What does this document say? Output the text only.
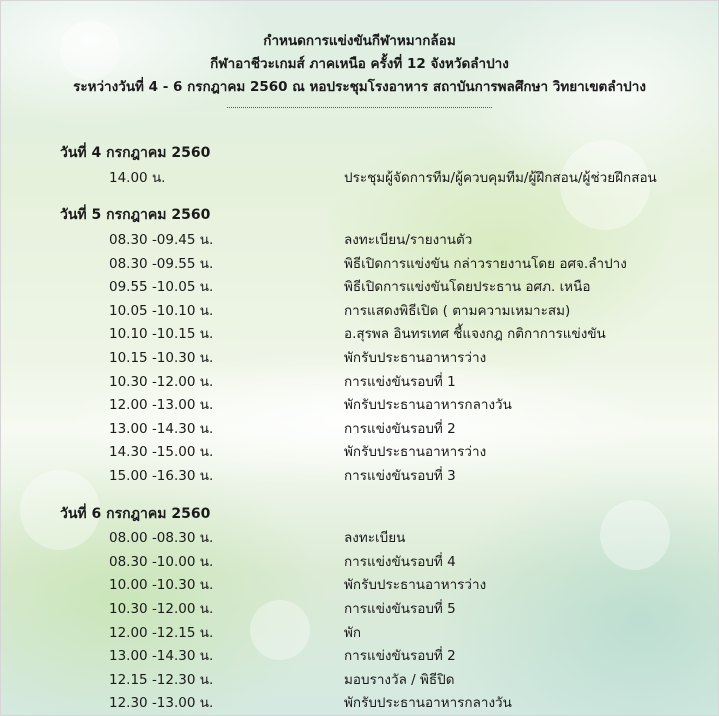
กำหนดการแข่งขันกีฬาหมากล้อม
กีฬาอาชีวะเกมส์ ภาคเหนือ ครั้งที่ 12 จังหวัดลำปาง
ระหว่างวันที่ 4 - 6 กรกฎาคม 2560 ณ หอประชุมโรงอาหาร สถาบันการพลศึกษา วิทยาเขตลำปาง
วันที่ 4 กรกฎาคม 2560
14.00 น.	ประชุมผู้จัดการทีม/ผู้ควบคุมทีม/ผู้ฝึกสอน/ผู้ช่วยฝึกสอน
วันที่ 5 กรกฎาคม 2560
08.30 -09.45 น.	ลงทะเบียน/รายงานตัว
08.30 -09.55 น.	พิธีเปิดการแข่งขัน กล่าวรายงานโดย อศจ.ลำปาง
09.55 -10.05 น.	พิธีเปิดการแข่งขันโดยประธาน อศภ. เหนือ
10.05 -10.10 น.	การแสดงพิธีเปิด ( ตามความเหมาะสม)
10.10 -10.15 น.	อ.สุรพล อินทรเทศ ชี้แจงกฎ กติกาการแข่งขัน
10.15 -10.30 น.	พักรับประธานอาหารว่าง
10.30 -12.00 น.	การแข่งขันรอบที่ 1
12.00 -13.00 น.	พักรับประธานอาหารกลางวัน
13.00 -14.30 น.	การแข่งขันรอบที่ 2
14.30 -15.00 น.	พักรับประธานอาหารว่าง
15.00 -16.30 น.	การแข่งขันรอบที่ 3
วันที่ 6 กรกฎาคม 2560
08.00 -08.30 น.	ลงทะเบียน
08.30 -10.00 น.	การแข่งขันรอบที่ 4
10.00 -10.30 น.	พักรับประธานอาหารว่าง
10.30 -12.00 น.	การแข่งขันรอบที่ 5
12.00 -12.15 น.	พัก
13.00 -14.30 น.	การแข่งขันรอบที่ 2
12.15 -12.30 น.	มอบรางวัล / พิธีปิด
12.30 -13.00 น.	พักรับประธานอาหารกลางวัน
